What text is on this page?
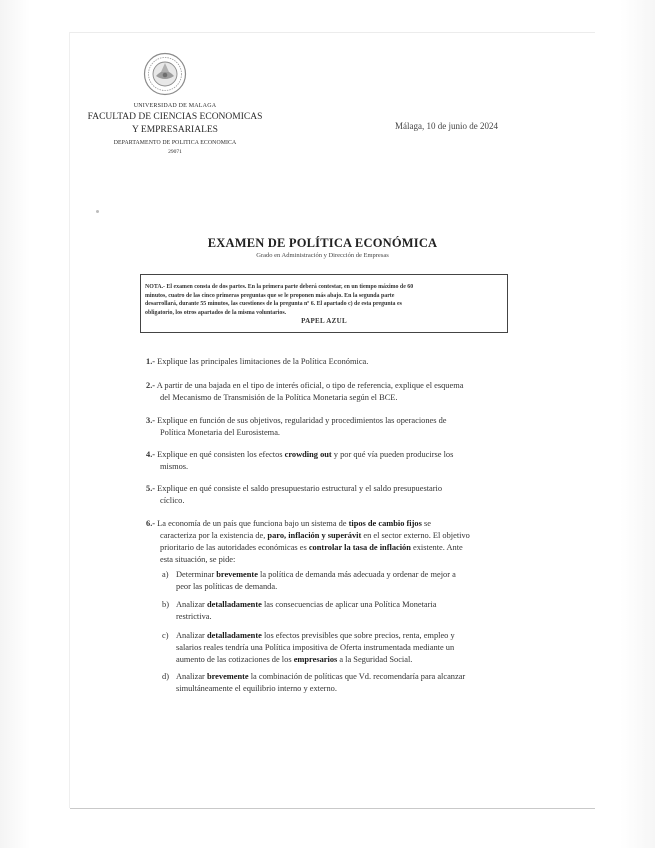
UNIVERSIDAD DE MALAGA
FACULTAD DE CIENCIAS ECONOMICAS
Y EMPRESARIALES
DEPARTAMENTO DE POLITICA ECONOMICA
29071
Málaga, 10 de junio de 2024
EXAMEN DE POLÍTICA ECONÓMICA
Grado en Administración y Dirección de Empresas
NOTA.- El examen consta de dos partes. En la primera parte deberá contestar, en un tiempo máximo de 60
minutos, cuatro de las cinco primeras preguntas que se le proponen más abajo. En la segunda parte
desarrollará, durante 55 minutos, las cuestiones de la pregunta nº 6. El apartado c) de esta pregunta es
obligatorio, los otros apartados de la misma voluntarios.
PAPEL AZUL
1.- Explique las principales limitaciones de la Política Económica.
2.- A partir de una bajada en el tipo de interés oficial, o tipo de referencia, explique el esquema
del Mecanismo de Transmisión de la Política Monetaria según el BCE.
3.- Explique en función de sus objetivos, regularidad y procedimientos las operaciones de
Política Monetaria del Eurosistema.
4.- Explique en qué consisten los efectos crowding out y por qué vía pueden producirse los
mismos.
5.- Explique en qué consiste el saldo presupuestario estructural y el saldo presupuestario
cíclico.
6.- La economía de un país que funciona bajo un sistema de tipos de cambio fijos se
caracteriza por la existencia de, paro, inflación y superávit en el sector externo. El objetivo
prioritario de las autoridades económicas es controlar la tasa de inflación existente. Ante
esta situación, se pide:
a) Determinar brevemente la política de demanda más adecuada y ordenar de mejor a
peor las políticas de demanda.
b) Analizar detalladamente las consecuencias de aplicar una Política Monetaria
restrictiva.
c) Analizar detalladamente los efectos previsibles que sobre precios, renta, empleo y
salarios reales tendría una Política impositiva de Oferta instrumentada mediante un
aumento de las cotizaciones de los empresarios a la Seguridad Social.
d) Analizar brevemente la combinación de políticas que Vd. recomendaría para alcanzar
simultáneamente el equilibrio interno y externo.
